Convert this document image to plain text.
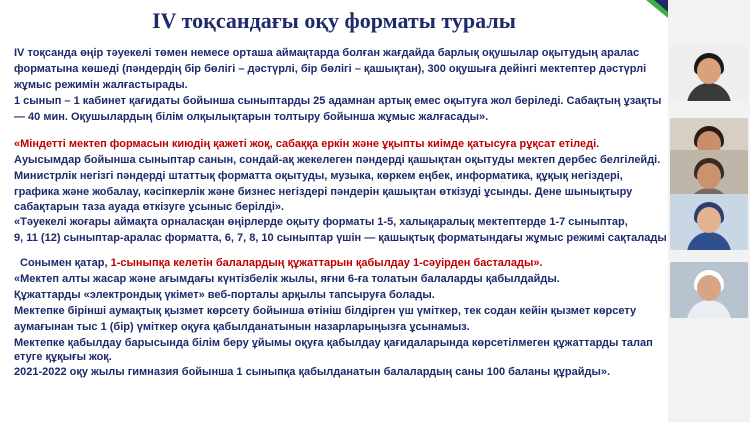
IV тоқсандағы оқу форматы туралы
IV тоқсанда өңір тәуекелі төмен немесе орташа аймақтарда болған жағдайда барлық оқушылар оқытудың аралас
форматына көшеді (пәндердің бір бөлігі – дәстүрлі, бір бөлігі – қашықтан), 300 оқушыға дейінгі мектептер дәстүрлі
жұмыс режимін жалғастырады.
1 сынып – 1 кабинет қағидаты бойынша сыныптарды 25 адамнан артық емес оқытуға жол беріледі. Сабақтың ұзақты
— 40 мин. Оқушылардың білім олқылықтарын толтыру бойынша жұмыс жалғасады».
«Міндетті мектеп формасын киюдің қажеті жоқ, сабаққа еркін және ұқыпты киімде қатысуға рұқсат етіледі.
Ауысымдар бойынша сыныптар санын, сондай-ақ жекелеген пәндерді қашықтан оқытуды мектеп дербес белгілейді.
Министрлік негізгі пәндерді штаттық форматта оқытуды, музыка, көркем еңбек, информатика, құқық негіздері,
графика және жобалау, кәсіпкерлік және бизнес негіздері пәндерін қашықтан өткізуді ұсынды. Дене шынықтыру
сабақтарын таза ауада өткізуге ұсыныс берілді».
«Тәуекелі жоғары аймақта орналасқан өңірлерде оқыту форматы 1-5, халықаралық мектептерде 1-7 сыныптар,
9, 11 (12) сыныптар-аралас форматта, 6, 7, 8, 10 сыныптар үшін — қашықтық форматындағы жұмыс режимі сақталады
Сонымен қатар, 1-сыныпқа келетін балалардың құжаттарын қабылдау 1-сәуірден басталады».
«Мектеп алты жасар және ағымдағы күнтізбелік жылы, яғни 6-ға толатын балаларды қабылдайды.
Құжаттарды «электрондық үкімет» веб-порталы арқылы тапсыруға болады.
Мектепке бірінші аумақтық қызмет көрсету бойынша өтініш білдірген үш үміткер, тек содан кейін қызмет көрсету
аумағынан тыс 1 (бір) үміткер оқуға қабылданатынын назарларыңызға ұсынамыз.
Мектепке қабылдау барысында білім беру ұйымы оқуға қабылдау қағидаларында көрсетілмеген құжаттарды талап
етуге құқығы жоқ.
2021-2022 оқу жылы гимназия бойынша 1 сыныпқа қабылданатын балалардың саны 100 баланы құрайды».
